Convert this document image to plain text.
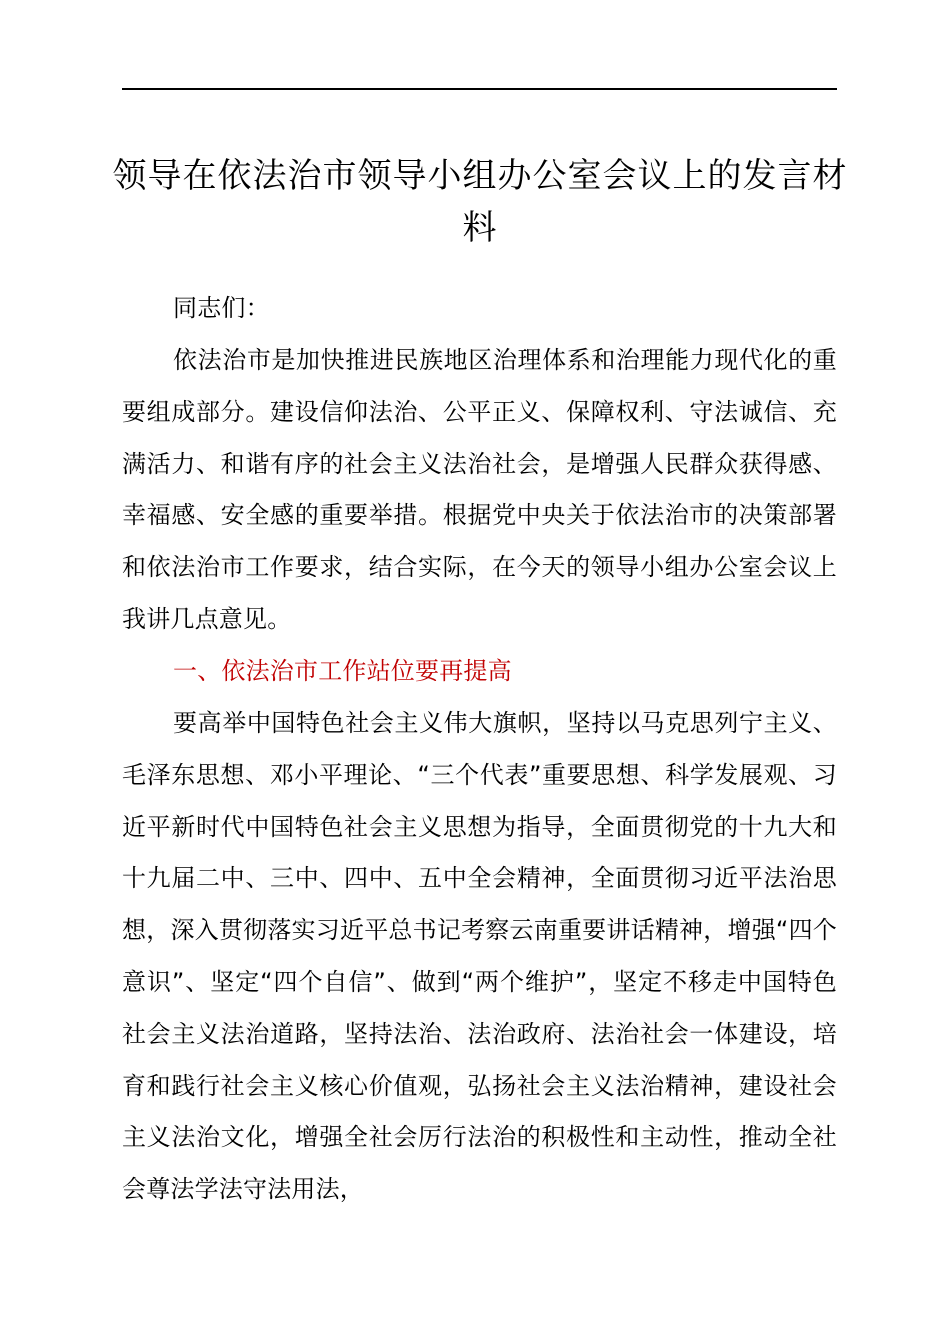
领导在依法治市领导小组办公室会议上的发言材料
同志们：
依法治市是加快推进民族地区治理体系和治理能力现代化的重要组成部分。建设信仰法治、公平正义、保障权利、守法诚信、充满活力、和谐有序的社会主义法治社会，是增强人民群众获得感、幸福感、安全感的重要举措。根据党中央关于依法治市的决策部署和依法治市工作要求，结合实际，在今天的领导小组办公室会议上我讲几点意见。
一、依法治市工作站位要再提高
要高举中国特色社会主义伟大旗帜，坚持以马克思列宁主义、毛泽东思想、邓小平理论、“三个代表”重要思想、科学发展观、习近平新时代中国特色社会主义思想为指导，全面贯彻党的十九大和十九届二中、三中、四中、五中全会精神，全面贯彻习近平法治思想，深入贯彻落实习近平总书记考察云南重要讲话精神，增强“四个意识”、坚定“四个自信”、做到“两个维护”，坚定不移走中国特色社会主义法治道路，坚持法治、法治政府、法治社会一体建设，培育和践行社会主义核心价值观，弘扬社会主义法治精神，建设社会主义法治文化，增强全社会厉行法治的积极性和主动性，推动全社会尊法学法守法用法，
